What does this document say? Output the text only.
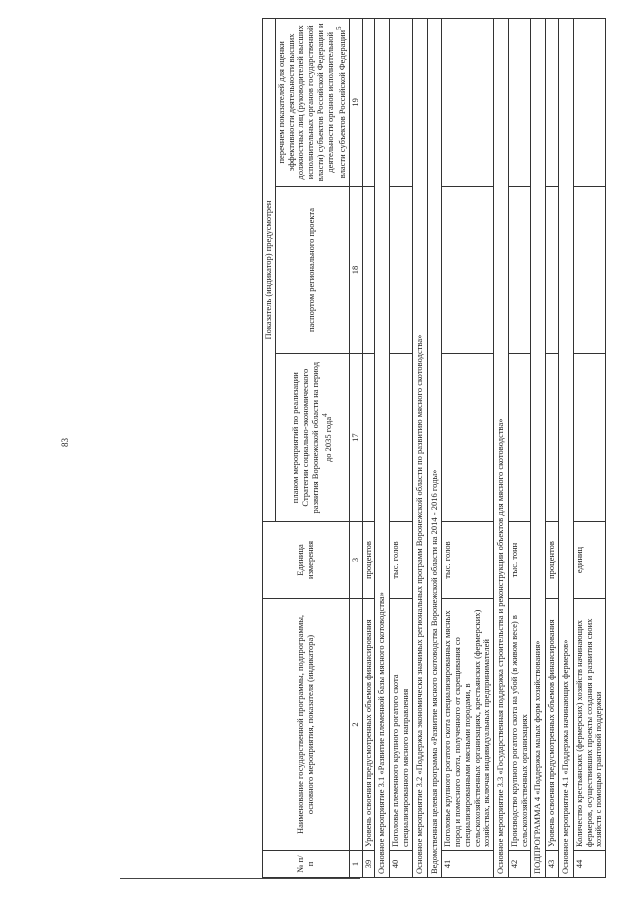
83
№ п/п	Наименование государственной программы, подпрограммы, основного мероприятия, показателя (индикатора)	Единица измерения	Показатель (индикатор) предусмотрен		
			планом мероприятий по реализации Стратегии социально-экономического развития Воронежской области на период до 2035 года$^4$	паспортом регионального проекта	перечнем показателей для оценки эффективности деятельности высших должностных лиц (руководителей высших исполнительных органов государственной власти) субъектов Российской Федерации и деятельности органов исполнительной власти субъектов Российской Федерации$^5$
1	2	3	17	18	19
39	Уровень освоения предусмотренных объемов финансирования	процентов			
Основное мероприятие 3.1 «Развитие племенной базы мясного скотоводства»					
40	Поголовье племенного крупного рогатого скота специализированного мясного направления	тыс. голов			
Основное мероприятие 3.2 «Поддержка экономически значимых региональных программ Воронежской области по развитию мясного скотоводства»					
Ведомственная целевая программа «Развитие мясного скотоводства Воронежской области на 2014 - 2016 годы»					
41	Поголовье крупного рогатого скота специализированных мясных пород и помесного скота, полученного от скрещивания со специализированными мясными породами, в сельскохозяйственных организациях, крестьянских (фермерских) хозяйствах, включая индивидуальных предпринимателей	тыс. голов			
Основное мероприятие 3.3 «Государственная поддержка строительства и реконструкции объектов для мясного скотоводства»					
42	Производство крупного рогатого скота на убой (в живом весе) в сельскохозяйственных организациях	тыс. тонн			
ПОДПРОГРАММА 4 «Поддержка малых форм хозяйствования»					
43	Уровень освоения предусмотренных объемов финансирования	процентов			
Основное мероприятие 4.1 «Поддержка начинающих фермеров»					
44	Количество крестьянских (фермерских) хозяйств начинающих фермеров, осуществивших проекты создания и развития своих хозяйств с помощью грантовой поддержки	единиц			
